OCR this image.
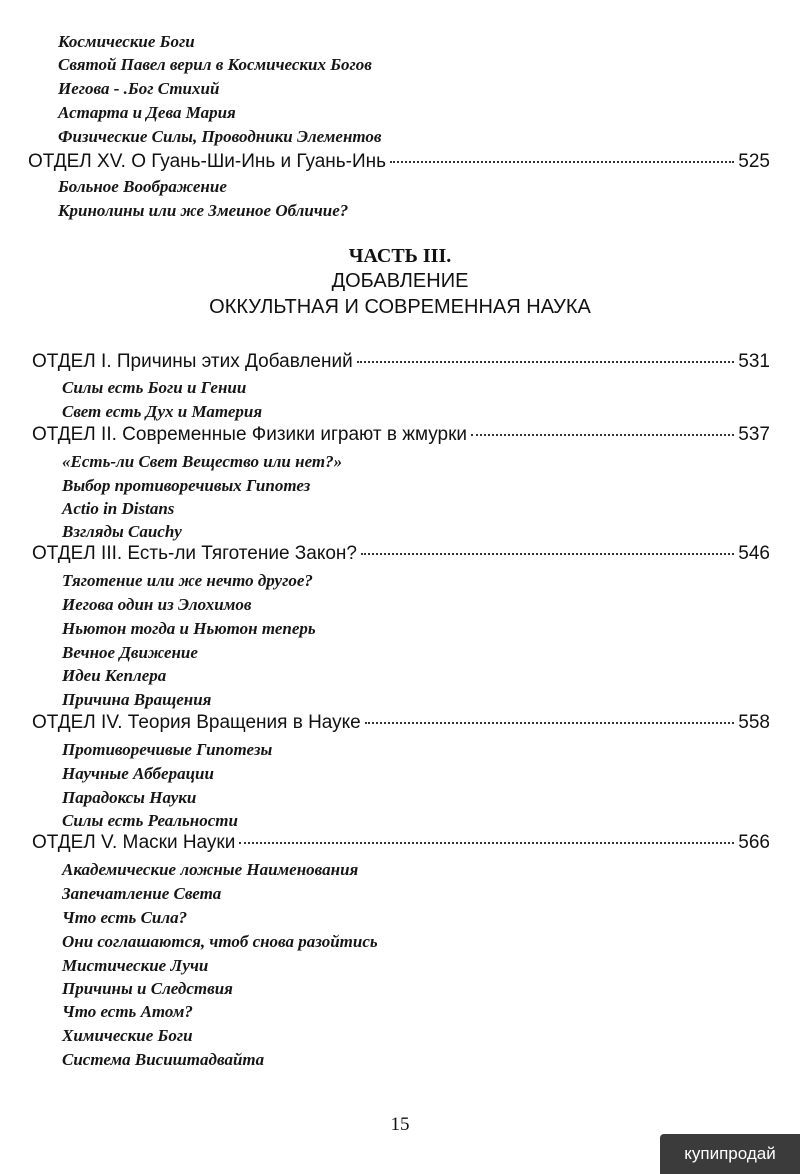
Космические Боги
Святой Павел верил в Космических Богов
Иегова - .Бог Стихий
Астарта и Дева Мария
Физические Силы, Проводники Элементов
ОТДЕЛ XV. О Гуань-Ши-Инь и Гуань-Инь	525
Больное Воображение
Кринолины или же Змеиное Обличие?
ЧАСТЬ III.
ДОБАВЛЕНИЕ
ОККУЛЬТНАЯ И СОВРЕМЕННАЯ НАУКА
ОТДЕЛ I. Причины этих Добавлений	531
Силы есть Боги и Гении
Свет есть Дух и Материя
ОТДЕЛ II. Современные Физики играют в жмурки	537
«Есть-ли Свет Вещество или нет?»
Выбор противоречивых Гипотез
Actio in Distans
Взгляды Cauchy
ОТДЕЛ III. Есть-ли Тяготение Закон?	546
Тяготение или же нечто другое?
Иегова один из Элохимов
Ньютон тогда и Ньютон теперь
Вечное Движение
Идеи Кеплера
Причина Вращения
ОТДЕЛ IV. Теория Вращения в Науке	558
Противоречивые Гипотезы
Научные Абберации
Парадоксы Науки
Силы есть Реальности
ОТДЕЛ V. Маски Науки	566
Академические ложные Наименования
Запечатление Света
Что есть Сила?
Они соглашаются, чтоб снова разойтись
Мистические Лучи
Причины и Следствия
Что есть Атом?
Химические Боги
Система Висиштадвайта
15
купипродай
